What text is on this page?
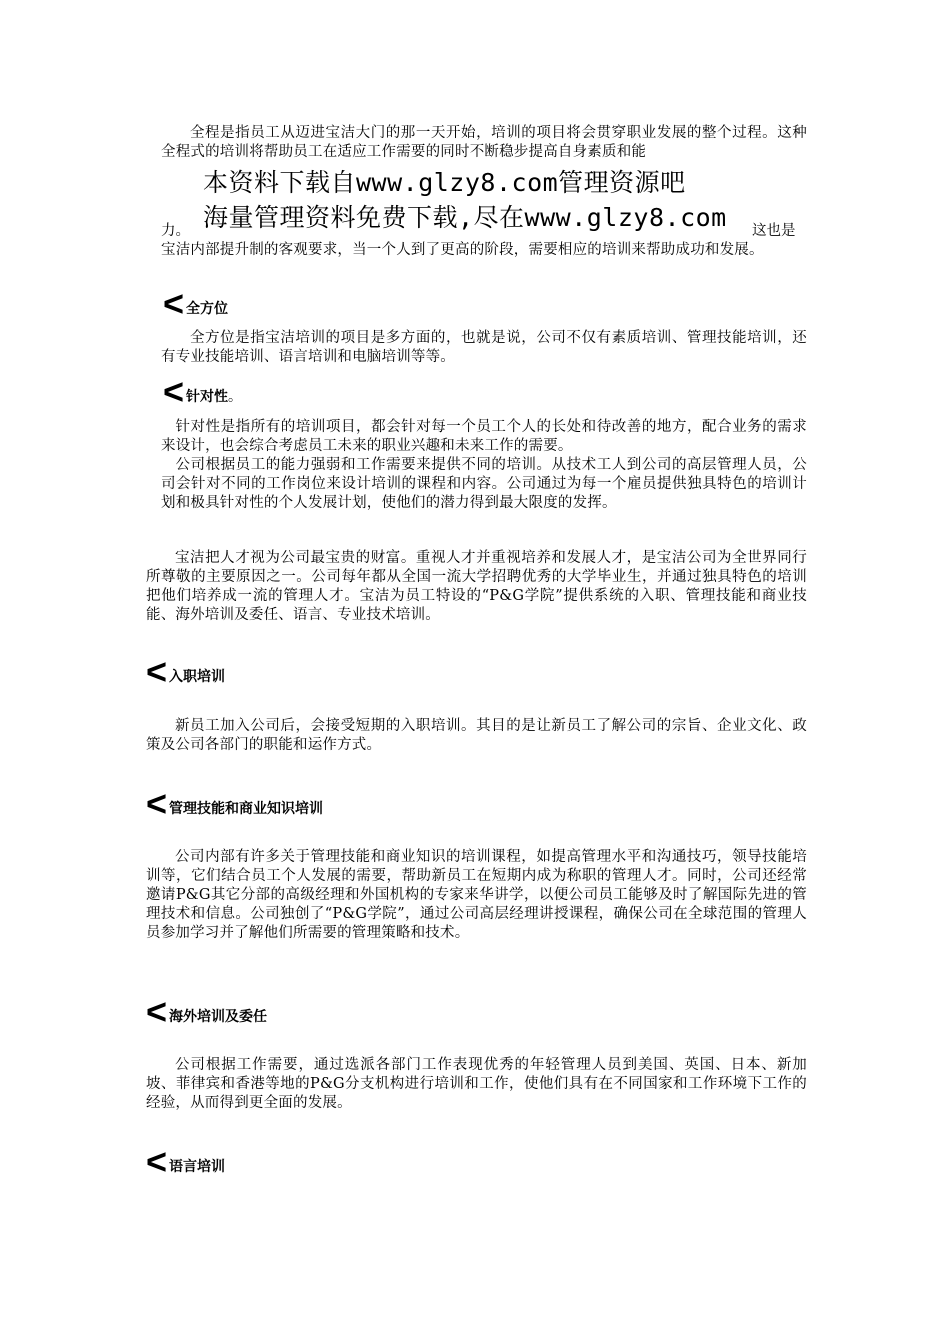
全程是指员工从迈进宝洁大门的那一天开始，培训的项目将会贯穿职业发展的整个过程。这种全程式的培训将帮助员工在适应工作需要的同时不断稳步提高自身素质和能

本资料下载自www.glzy8.com管理资源吧
海量管理资料免费下载,尽在www.glzy8.com
力。	这也是

宝洁内部提升制的客观要求，当一个人到了更高的阶段，需要相应的培训来帮助成功和发展。

< 全方位

全方位是指宝洁培训的项目是多方面的，也就是说，公司不仅有素质培训、管理技能培训，还有专业技能培训、语言培训和电脑培训等等。

< 针对性 。

针对性是指所有的培训项目，都会针对每一个员工个人的长处和待改善的地方，配合业务的需求来设计，也会综合考虑员工未来的职业兴趣和未来工作的需要。

公司根据员工的能力强弱和工作需要来提供不同的培训。从技术工人到公司的高层管理人员，公司会针对不同的工作岗位来设计培训的课程和内容。公司通过为每一个雇员提供独具特色的培训计划和极具针对性的个人发展计划，使他们的潜力得到最大限度的发挥。

宝洁把人才视为公司最宝贵的财富。重视人才并重视培养和发展人才，是宝洁公司为全世界同行所尊敬的主要原因之一。公司每年都从全国一流大学招聘优秀的大学毕业生，并通过独具特色的培训把他们培养成一流的管理人才。宝洁为员工特设的“P&G学院”提供系统的入职、管理技能和商业技能、海外培训及委任、语言、专业技术培训。

< 入职培训

新员工加入公司后，会接受短期的入职培训。其目的是让新员工了解公司的宗旨、企业文化、政策及公司各部门的职能和运作方式。

< 管理技能和商业知识培训

公司内部有许多关于管理技能和商业知识的培训课程，如提高管理水平和沟通技巧，领导技能培训等，它们结合员工个人发展的需要，帮助新员工在短期内成为称职的管理人才。同时，公司还经常邀请P&G其它分部的高级经理和外国机构的专家来华讲学，以便公司员工能够及时了解国际先进的管理技术和信息。公司独创了“P&G学院”，通过公司高层经理讲授课程，确保公司在全球范围的管理人员参加学习并了解他们所需要的管理策略和技术。

< 海外培训及委任

公司根据工作需要，通过选派各部门工作表现优秀的年轻管理人员到美国、英国、日本、新加坡、菲律宾和香港等地的P&G分支机构进行培训和工作，使他们具有在不同国家和工作环境下工作的经验，从而得到更全面的发展。

< 语言培训
